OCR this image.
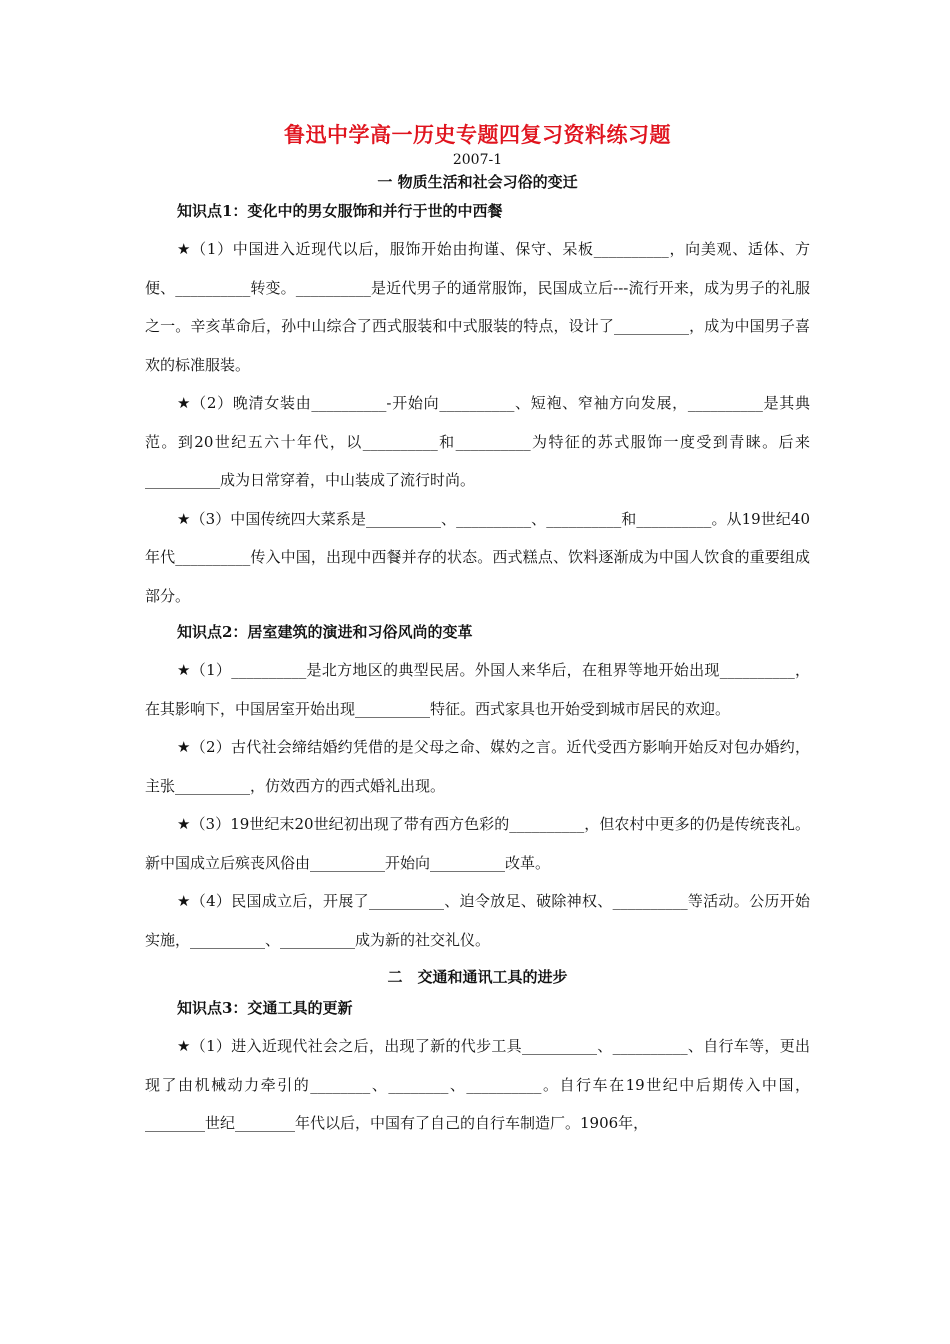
鲁迅中学高一历史专题四复习资料练习题

2007-1

一 物质生活和社会习俗的变迁

知识点1：变化中的男女服饰和并行于世的中西餐

★（1）中国进入近现代以后，服饰开始由拘谨、保守、呆板__________，向美观、适体、方便、__________转变。__________是近代男子的通常服饰，民国成立后---流行开来，成为男子的礼服之一。辛亥革命后，孙中山综合了西式服装和中式服装的特点，设计了__________，成为中国男子喜欢的标准服装。

★（2）晚清女装由__________-开始向__________、短袍、窄袖方向发展，__________是其典范。到20世纪五六十年代，以__________和__________为特征的苏式服饰一度受到青睐。后来__________成为日常穿着，中山装成了流行时尚。

★（3）中国传统四大菜系是__________、__________、__________和__________。从19世纪40年代__________传入中国，出现中西餐并存的状态。西式糕点、饮料逐渐成为中国人饮食的重要组成部分。

知识点2：居室建筑的演进和习俗风尚的变革

★（1）__________是北方地区的典型民居。外国人来华后，在租界等地开始出现__________，在其影响下，中国居室开始出现__________特征。西式家具也开始受到城市居民的欢迎。

★（2）古代社会缔结婚约凭借的是父母之命、媒妁之言。近代受西方影响开始反对包办婚约，主张__________，仿效西方的西式婚礼出现。

★（3）19世纪末20世纪初出现了带有西方色彩的__________，但农村中更多的仍是传统丧礼。新中国成立后殡丧风俗由__________开始向__________改革。

★（4）民国成立后，开展了__________、迫令放足、破除神权、__________等活动。公历开始实施，__________、__________成为新的社交礼仪。

二　交通和通讯工具的进步

知识点3：交通工具的更新

★（1）进入近现代社会之后，出现了新的代步工具__________、__________、自行车等，更出现了由机械动力牵引的________、________、__________。自行车在19世纪中后期传入中国，________世纪________年代以后，中国有了自己的自行车制造厂。1906年，
